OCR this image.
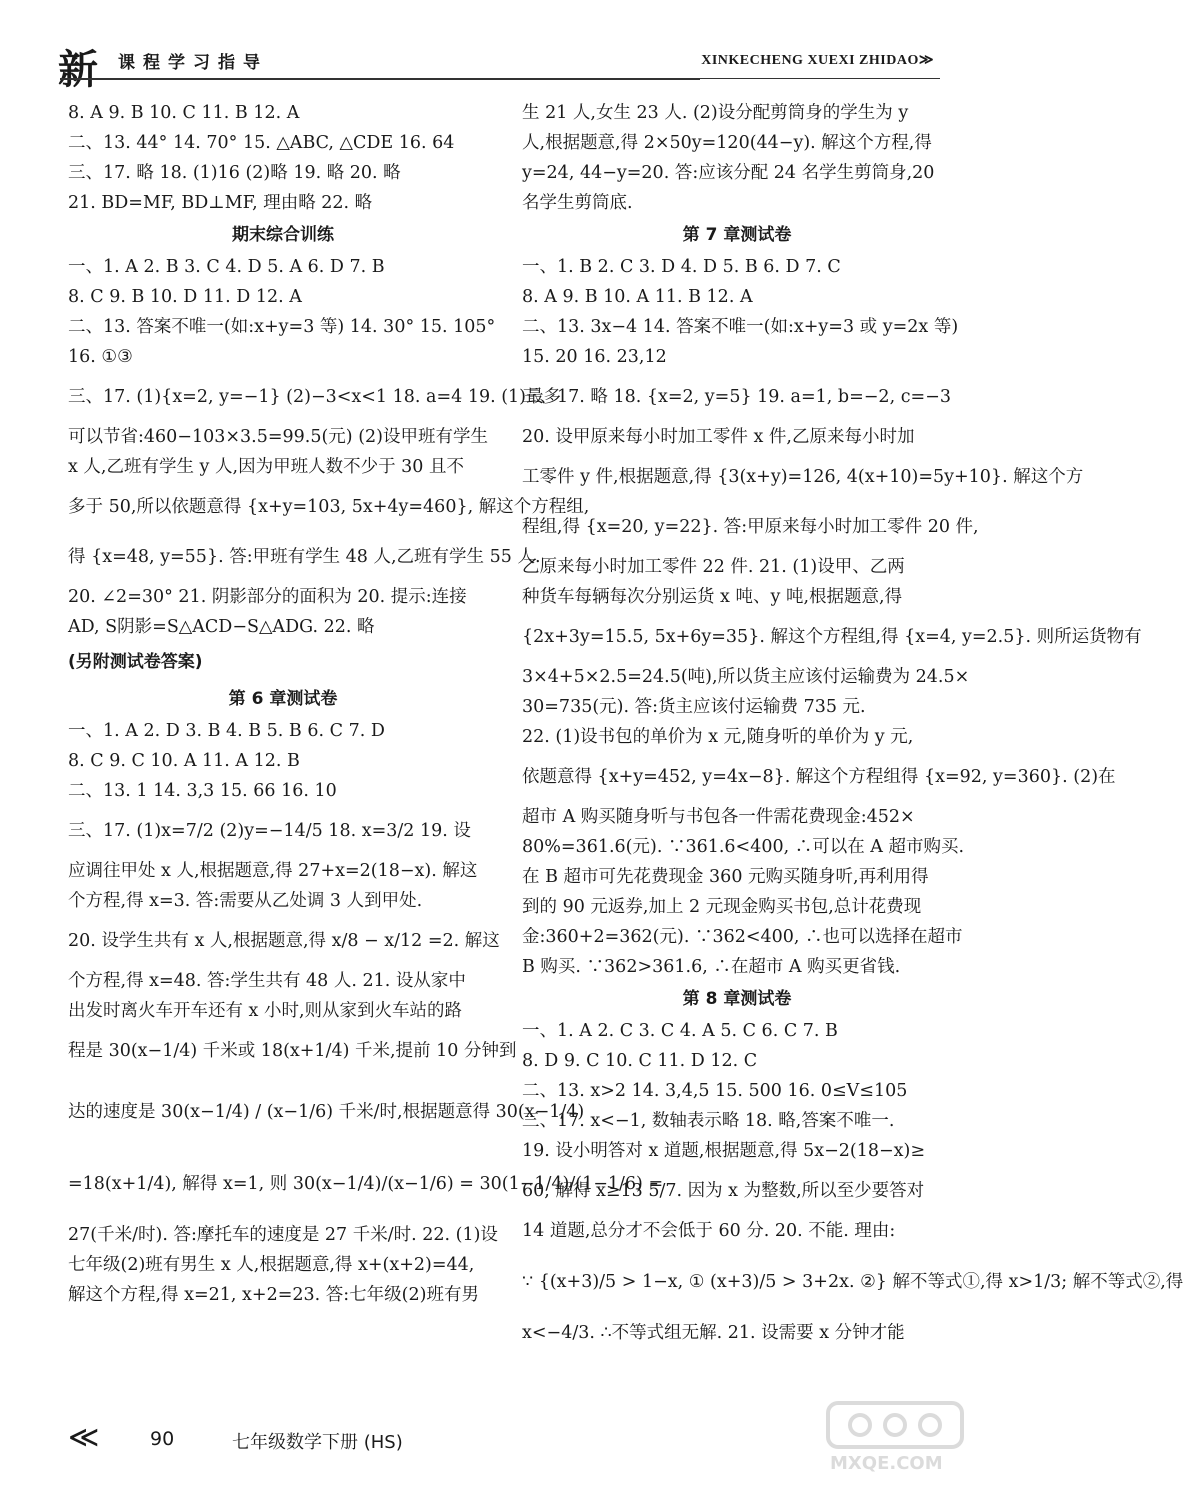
新 课程学习指导	XINKECHENG XUEXI ZHIDAO≫
8. A 9. B 10. C 11. B 12. A
二、13. 44° 14. 70° 15. △ABC, △CDE 16. 64
三、17. 略 18. (1)16 (2)略 19. 略 20. 略
21. BD=MF, BD⊥MF, 理由略 22. 略
期末综合训练
一、1. A 2. B 3. C 4. D 5. A 6. D 7. B
8. C 9. B 10. D 11. D 12. A
二、13. 答案不唯一(如:x+y=3 等) 14. 30° 15. 105°
16. ①③
三、17. (1){x=2, y=−1} (2)−3<x<1 18. a=4 19. (1)最多
可以节省:460−103×3.5=99.5(元) (2)设甲班有学生
x 人,乙班有学生 y 人,因为甲班人数不少于 30 且不
多于 50,所以依题意得 {x+y=103, 5x+4y=460}, 解这个方程组,
得 {x=48, y=55}. 答:甲班有学生 48 人,乙班有学生 55 人.
20. ∠2=30° 21. 阴影部分的面积为 20. 提示:连接
AD, S阴影=S△ACD−S△ADG. 22. 略
(另附测试卷答案)
第 6 章测试卷
一、1. A 2. D 3. B 4. B 5. B 6. C 7. D
8. C 9. C 10. A 11. A 12. B
二、13. 1 14. 3,3 15. 66 16. 10
三、17. (1)x=7/2 (2)y=−14/5 18. x=3/2 19. 设
应调往甲处 x 人,根据题意,得 27+x=2(18−x). 解这
个方程,得 x=3. 答:需要从乙处调 3 人到甲处.
20. 设学生共有 x 人,根据题意,得 x/8 − x/12 =2. 解这
个方程,得 x=48. 答:学生共有 48 人. 21. 设从家中
出发时离火车开车还有 x 小时,则从家到火车站的路
程是 30(x−1/4) 千米或 18(x+1/4) 千米,提前 10 分钟到
达的速度是 30(x−1/4) / (x−1/6) 千米/时,根据题意得 30(x−1/4)
=18(x+1/4), 解得 x=1, 则 30(x−1/4)/(x−1/6) = 30(1−1/4)/(1−1/6) =
27(千米/时). 答:摩托车的速度是 27 千米/时. 22. (1)设
七年级(2)班有男生 x 人,根据题意,得 x+(x+2)=44,
解这个方程,得 x=21, x+2=23. 答:七年级(2)班有男
生 21 人,女生 23 人. (2)设分配剪筒身的学生为 y
人,根据题意,得 2×50y=120(44−y). 解这个方程,得
y=24, 44−y=20. 答:应该分配 24 名学生剪筒身,20
名学生剪筒底.
第 7 章测试卷
一、1. B 2. C 3. D 4. D 5. B 6. D 7. C
8. A 9. B 10. A 11. B 12. A
二、13. 3x−4 14. 答案不唯一(如:x+y=3 或 y=2x 等)
15. 20 16. 23,12
三、17. 略 18. {x=2, y=5} 19. a=1, b=−2, c=−3
20. 设甲原来每小时加工零件 x 件,乙原来每小时加
工零件 y 件,根据题意,得 {3(x+y)=126, 4(x+10)=5y+10}. 解这个方
程组,得 {x=20, y=22}. 答:甲原来每小时加工零件 20 件,
乙原来每小时加工零件 22 件. 21. (1)设甲、乙两
种货车每辆每次分别运货 x 吨、y 吨,根据题意,得
{2x+3y=15.5, 5x+6y=35}. 解这个方程组,得 {x=4, y=2.5}. 则所运货物有
3×4+5×2.5=24.5(吨),所以货主应该付运输费为 24.5×
30=735(元). 答:货主应该付运输费 735 元.
22. (1)设书包的单价为 x 元,随身听的单价为 y 元,
依题意得 {x+y=452, y=4x−8}. 解这个方程组得 {x=92, y=360}. (2)在
超市 A 购买随身听与书包各一件需花费现金:452×
80%=361.6(元). ∵361.6<400, ∴可以在 A 超市购买.
在 B 超市可先花费现金 360 元购买随身听,再利用得
到的 90 元返券,加上 2 元现金购买书包,总计花费现
金:360+2=362(元). ∵362<400, ∴也可以选择在超市
B 购买. ∵362>361.6, ∴在超市 A 购买更省钱.
第 8 章测试卷
一、1. A 2. C 3. C 4. A 5. C 6. C 7. B
8. D 9. C 10. C 11. D 12. C
二、13. x>2 14. 3,4,5 15. 500 16. 0≤V≤105
三、17. x<−1, 数轴表示略 18. 略,答案不唯一.
19. 设小明答对 x 道题,根据题意,得 5x−2(18−x)≥
60, 解得 x≥13 5/7. 因为 x 为整数,所以至少要答对
14 道题,总分才不会低于 60 分. 20. 不能. 理由:
∵ {(x+3)/5 > 1−x, ① (x+3)/5 > 3+2x. ②} 解不等式①,得 x>1/3; 解不等式②,得
x<−4/3. ∴不等式组无解. 21. 设需要 x 分钟才能
≪	90	七年级数学下册 (HS)
MXQE.COM
